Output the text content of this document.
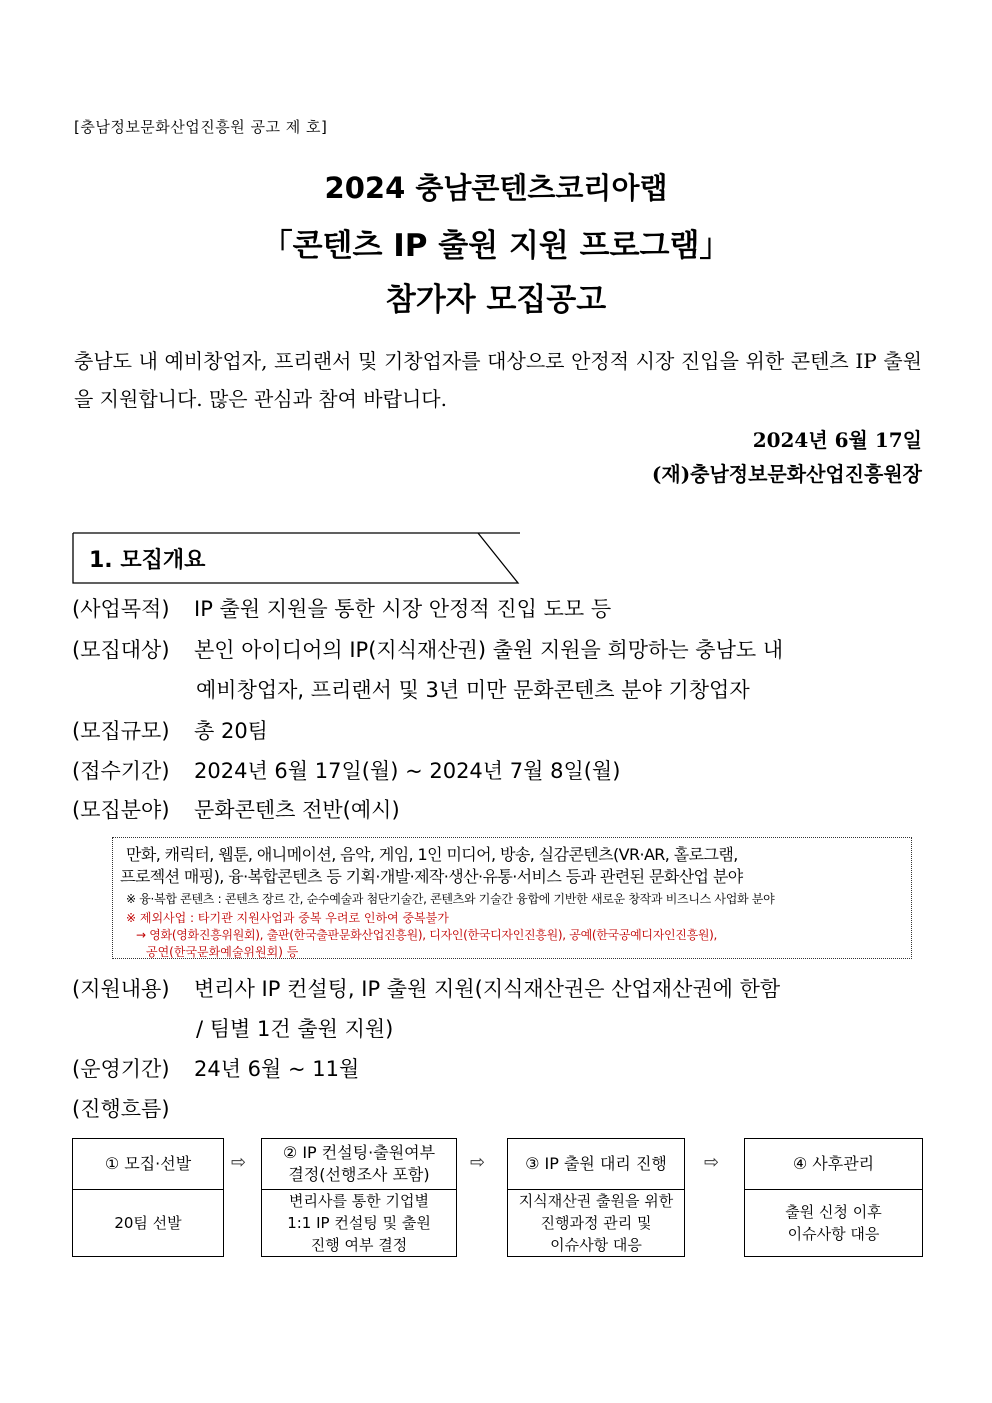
[충남정보문화산업진흥원 공고 제 호]
2024 충남콘텐츠코리아랩
「콘텐츠 IP 출원 지원 프로그램」
참가자 모집공고
충남도 내 예비창업자, 프리랜서 및 기창업자를 대상으로 안정적 시장 진입을 위한 콘텐츠 IP 출원을 지원합니다. 많은 관심과 참여 바랍니다.
2024년 6월 17일
(재)충남정보문화산업진흥원장
1. 모집개요
(사업목적) IP 출원 지원을 통한 시장 안정적 진입 도모 등
(모집대상) 본인 아이디어의 IP(지식재산권) 출원 지원을 희망하는 충남도 내
예비창업자, 프리랜서 및 3년 미만 문화콘텐츠 분야 기창업자
(모집규모) 총 20팀
(접수기간) 2024년 6월 17일(월) ~ 2024년 7월 8일(월)
(모집분야) 문화콘텐츠 전반(예시)
만화, 캐릭터, 웹툰, 애니메이션, 음악, 게임, 1인 미디어, 방송, 실감콘텐츠(VR·AR, 홀로그램,
프로젝션 매핑), 융·복합콘텐츠 등 기획·개발·제작·생산·유통·서비스 등과 관련된 문화산업 분야
※ 융·복합 콘텐츠 : 콘텐츠 장르 간, 순수예술과 첨단기술간, 콘텐츠와 기술간 융합에 기반한 새로운 창작과 비즈니스 사업화 분야
※ 제외사업 : 타기관 지원사업과 중복 우려로 인하여 중복불가
→ 영화(영화진흥위원회), 출판(한국출판문화산업진흥원), 디자인(한국디자인진흥원), 공예(한국공예디자인진흥원),
공연(한국문화예술위원회) 등
(지원내용) 변리사 IP 컨설팅, IP 출원 지원(지식재산권은 산업재산권에 한함
/ 팀별 1건 출원 지원)
(운영기간) 24년 6월 ~ 11월
(진행흐름)
① 모집·선발
20팀 선발
⇨ ② IP 컨설팅·출원여부
결정(선행조사 포함)
변리사를 통한 기업별
1:1 IP 컨설팅 및 출원
진행 여부 결정
⇨	③ IP 출원 대리 진행
지식재산권 출원을 위한
진행과정 관리 및
이슈사항 대응
⇨	④ 사후관리
출원 신청 이후
이슈사항 대응
